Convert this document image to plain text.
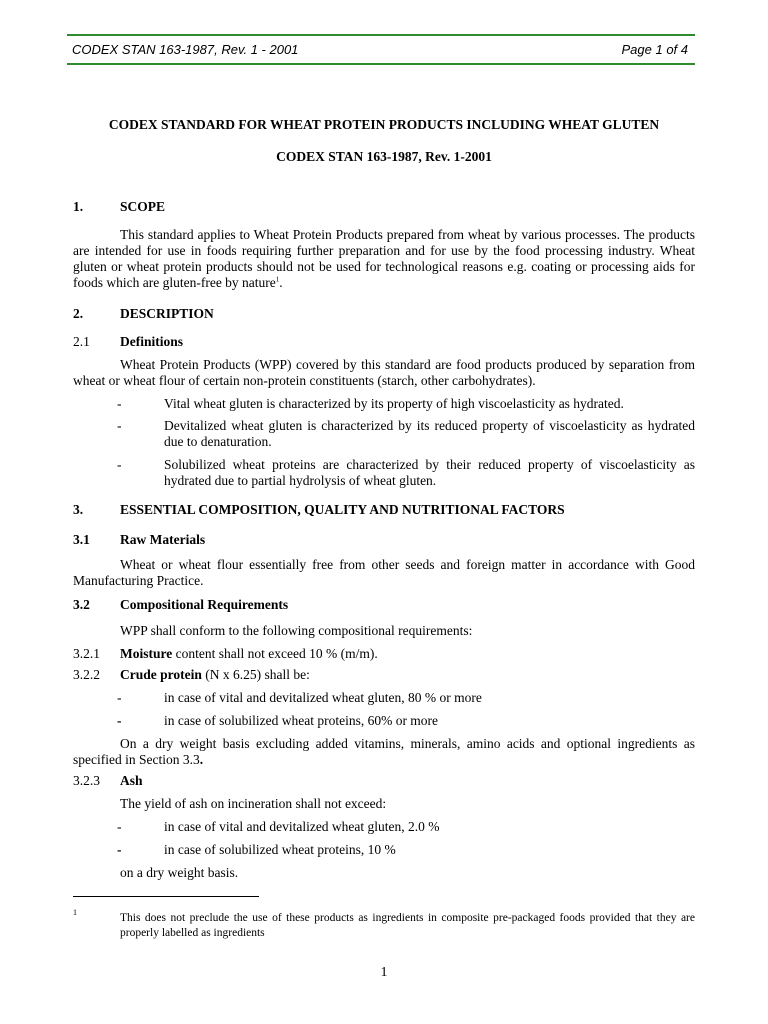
CODEX STAN 163-1987, Rev. 1 - 2001	Page 1 of 4
CODEX STANDARD FOR WHEAT PROTEIN PRODUCTS INCLUDING WHEAT GLUTEN
CODEX STAN 163-1987, Rev. 1-2001
1.	SCOPE
This standard applies to Wheat Protein Products prepared from wheat by various processes. The products are intended for use in foods requiring further preparation and for use by the food processing industry. Wheat gluten or wheat protein products should not be used for technological reasons e.g. coating or processing aids for foods which are gluten-free by nature$^1$.
2.	DESCRIPTION
2.1 Definitions
Wheat Protein Products (WPP) covered by this standard are food products produced by separation from wheat or wheat flour of certain non-protein constituents (starch, other carbohydrates).
-	Vital wheat gluten is characterized by its property of high viscoelasticity as hydrated.
-	Devitalized wheat gluten is characterized by its reduced property of viscoelasticity as hydrated due to denaturation.
-	Solubilized wheat proteins are characterized by their reduced property of viscoelasticity as hydrated due to partial hydrolysis of wheat gluten.
3.	ESSENTIAL COMPOSITION, QUALITY AND NUTRITIONAL FACTORS
3.1 Raw Materials
Wheat or wheat flour essentially free from other seeds and foreign matter in accordance with Good Manufacturing Practice.
3.2 Compositional Requirements
WPP shall conform to the following compositional requirements:
3.2.1 Moisture content shall not exceed 10 % (m/m).
3.2.2 Crude protein (N x 6.25) shall be:
-	in case of vital and devitalized wheat gluten, 80 % or more
-	in case of solubilized wheat proteins, 60% or more
On a dry weight basis excluding added vitamins, minerals, amino acids and optional ingredients as specified in Section 3.3.
3.2.3 Ash
The yield of ash on incineration shall not exceed:
-	in case of vital and devitalized wheat gluten, 2.0 %
-	in case of solubilized wheat proteins, 10 %
on a dry weight basis.
1	This does not preclude the use of these products as ingredients in composite pre-packaged foods provided that they are properly labelled as ingredients
1
